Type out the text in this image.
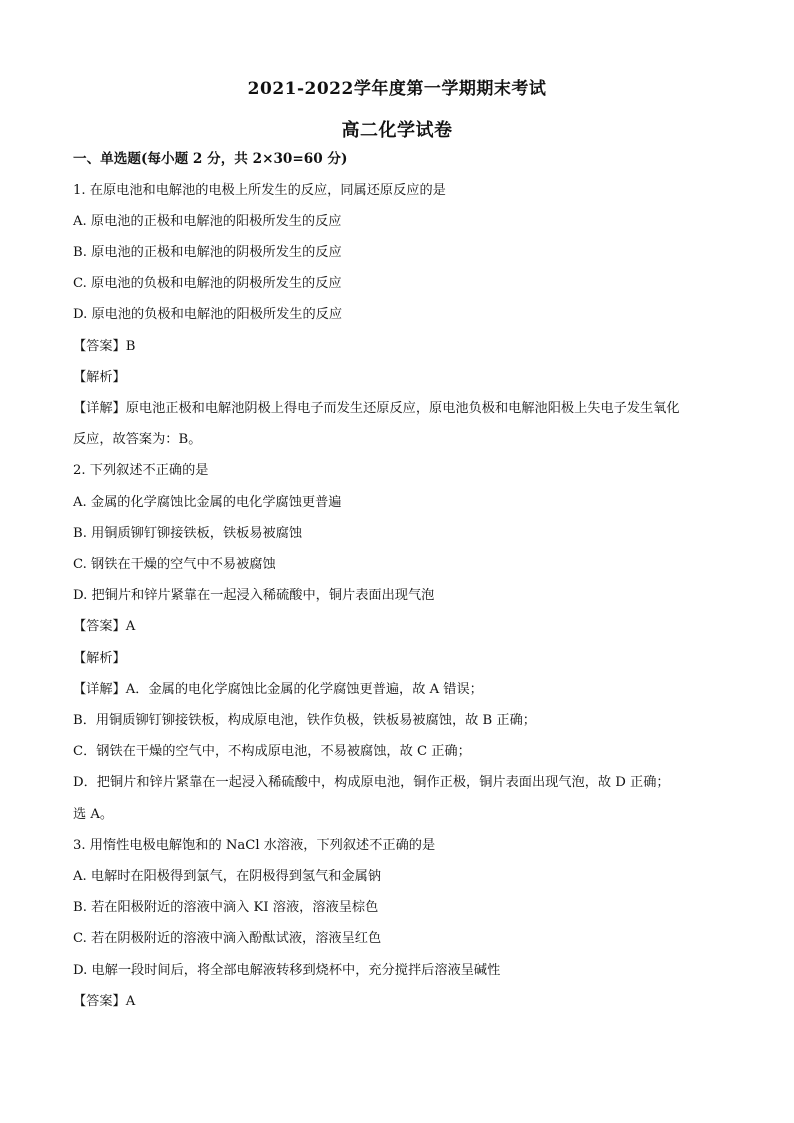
2021-2022学年度第一学期期末考试
高二化学试卷
一、单选题(每小题 2 分，共 2×30=60 分)
1. 在原电池和电解池的电极上所发生的反应，同属还原反应的是
A. 原电池的正极和电解池的阳极所发生的反应
B. 原电池的正极和电解池的阴极所发生的反应
C. 原电池的负极和电解池的阴极所发生的反应
D. 原电池的负极和电解池的阳极所发生的反应
【答案】B
【解析】
【详解】原电池正极和电解池阴极上得电子而发生还原反应，原电池负极和电解池阳极上失电子发生氧化
反应，故答案为：B。
2. 下列叙述不正确的是
A. 金属的化学腐蚀比金属的电化学腐蚀更普遍
B. 用铜质铆钉铆接铁板，铁板易被腐蚀
C. 钢铁在干燥的空气中不易被腐蚀
D. 把铜片和锌片紧靠在一起浸入稀硫酸中，铜片表面出现气泡
【答案】A
【解析】
【详解】A．金属的电化学腐蚀比金属的化学腐蚀更普遍，故 A 错误；
B．用铜质铆钉铆接铁板，构成原电池，铁作负极，铁板易被腐蚀，故 B 正确；
C．钢铁在干燥的空气中，不构成原电池，不易被腐蚀，故 C 正确；
D．把铜片和锌片紧靠在一起浸入稀硫酸中，构成原电池，铜作正极，铜片表面出现气泡，故 D 正确；
选 A。
3. 用惰性电极电解饱和的 NaCl 水溶液，下列叙述不正确的是
A. 电解时在阳极得到氯气，在阴极得到氢气和金属钠
B. 若在阳极附近的溶液中滴入 KI 溶液，溶液呈棕色
C. 若在阴极附近的溶液中滴入酚酞试液，溶液呈红色
D. 电解一段时间后，将全部电解液转移到烧杯中，充分搅拌后溶液呈碱性
【答案】A
